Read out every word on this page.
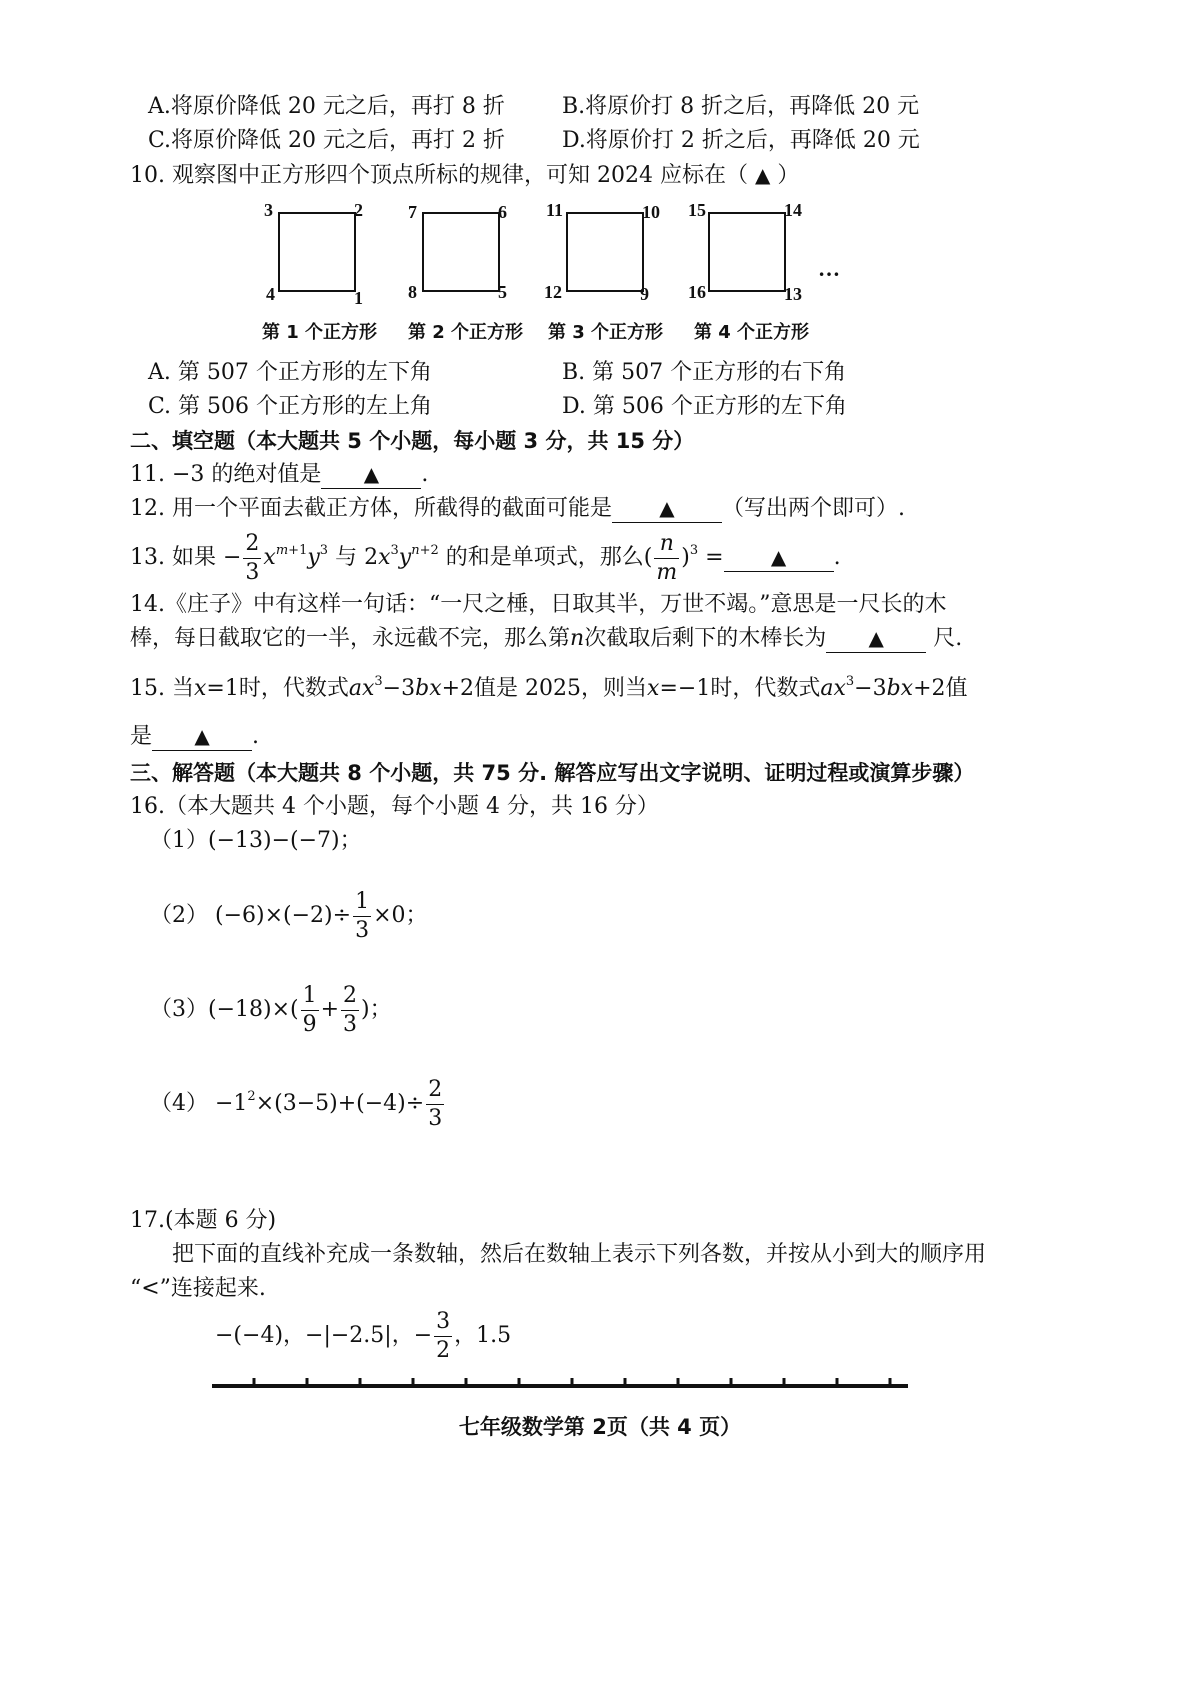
A.将原价降低 20 元之后，再打 8 折	B.将原价打 8 折之后，再降低 20 元
C.将原价降低 20 元之后，再打 2 折	D.将原价打 2 折之后，再降低 20 元
10. 观察图中正方形四个顶点所标的规律，可知 2024 应标在（ ▲ ）
3	2
4	1
第 1 个正方形
7	6
8	5
第 2 个正方形
11	10
12	9
第 3 个正方形
15	14
16	13
第 4 个正方形
…
A. 第 507 个正方形的左下角	B. 第 507 个正方形的右下角
C. 第 506 个正方形的左上角	D. 第 506 个正方形的左下角
二、填空题（本大题共 5 个小题，每小题 3 分，共 15 分）
11. −3 的绝对值是 ▲ .
12. 用一个平面去截正方体，所截得的截面可能是 ▲ （写出两个即可）.
13. 如果 − $\frac{2}{3} x^{m+1}y^3$ 与 $2x^3y^{n+2}$ 的和是单项式，那么( $\frac{n}{m} )^3$ = ▲ .
14.《庄子》中有这样一句话：“一尺之棰，日取其半，万世不竭。”意思是一尺长的木
棒，每日截取它的一半，永远截不完，那么第n次截取后剩下的木棒长为 ▲ 尺.
15. 当x=1时，代数式$ax^3-3bx+2$值是 2025，则当x=−1时，代数式$ax^3-3bx+2$值
是 ▲ .
三、解答题（本大题共 8 个小题，共 75 分. 解答应写出文字说明、证明过程或演算步骤）
16.（本大题共 4 个小题，每个小题 4 分，共 16 分）
（1）(−13)−(−7)；
（2） $(-6)\times(-2)\div \frac{1}{3} \times 0$；
$(3)(-18)\times( \frac{1}{9} + \frac{2}{3}$ )；
$(4) -1^2\times(3-5)+(-4)\div \frac{2}{3}$
17.(本题 6 分)
把下面的直线补充成一条数轴，然后在数轴上表示下列各数，并按从小到大的顺序用
“<”连接起来.
−(−4)，−|−2.5|，− $\frac{3}{2}$ ，1.5
七年级数学第 2页（共 4 页）
